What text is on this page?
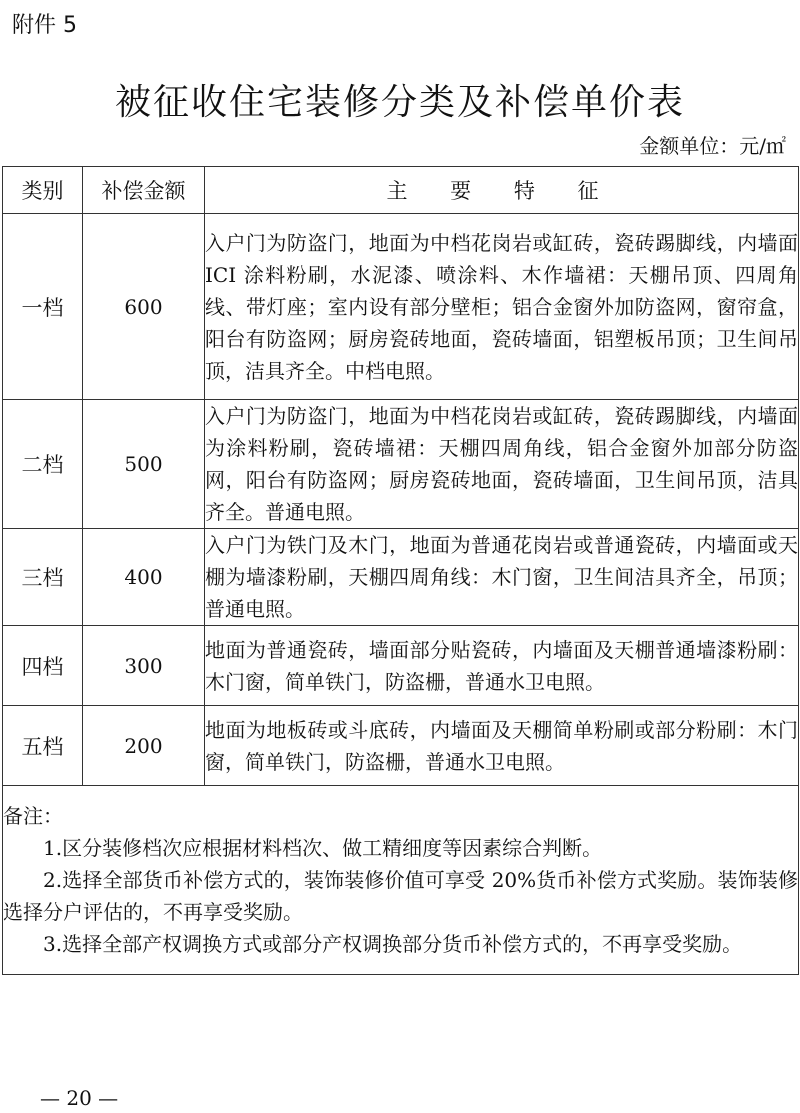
附件 5
被征收住宅装修分类及补偿单价表
金额单位：元/㎡
类别	补偿金额	主 要 特 征
一档	600	入户门为防盗门，地面为中档花岗岩或缸砖，瓷砖踢脚线，内墙面 ICI 涂料粉刷，水泥漆、喷涂料、木作墙裙：天棚吊顶、四周角线、带灯座；室内设有部分壁柜；铝合金窗外加防盗网，窗帘盒，阳台有防盗网；厨房瓷砖地面，瓷砖墙面，铝塑板吊顶；卫生间吊顶，洁具齐全。中档电照。
二档	500	入户门为防盗门，地面为中档花岗岩或缸砖，瓷砖踢脚线，内墙面为涂料粉刷，瓷砖墙裙：天棚四周角线，铝合金窗外加部分防盗网，阳台有防盗网；厨房瓷砖地面，瓷砖墙面，卫生间吊顶，洁具齐全。普通电照。
三档	400	入户门为铁门及木门，地面为普通花岗岩或普通瓷砖，内墙面或天棚为墙漆粉刷，天棚四周角线：木门窗，卫生间洁具齐全，吊顶；普通电照。
四档	300	地面为普通瓷砖，墙面部分贴瓷砖，内墙面及天棚普通墙漆粉刷：木门窗，简单铁门，防盗栅，普通水卫电照。
五档	200	地面为地板砖或斗底砖，内墙面及天棚简单粉刷或部分粉刷：木门窗，简单铁门，防盗栅，普通水卫电照。

备注：
1.区分装修档次应根据材料档次、做工精细度等因素综合判断。
2.选择全部货币补偿方式的，装饰装修价值可享受 20%货币补偿方式奖励。装饰装修选择分户评估的，不再享受奖励。
3.选择全部产权调换方式或部分产权调换部分货币补偿方式的，不再享受奖励。		
— 20 —
